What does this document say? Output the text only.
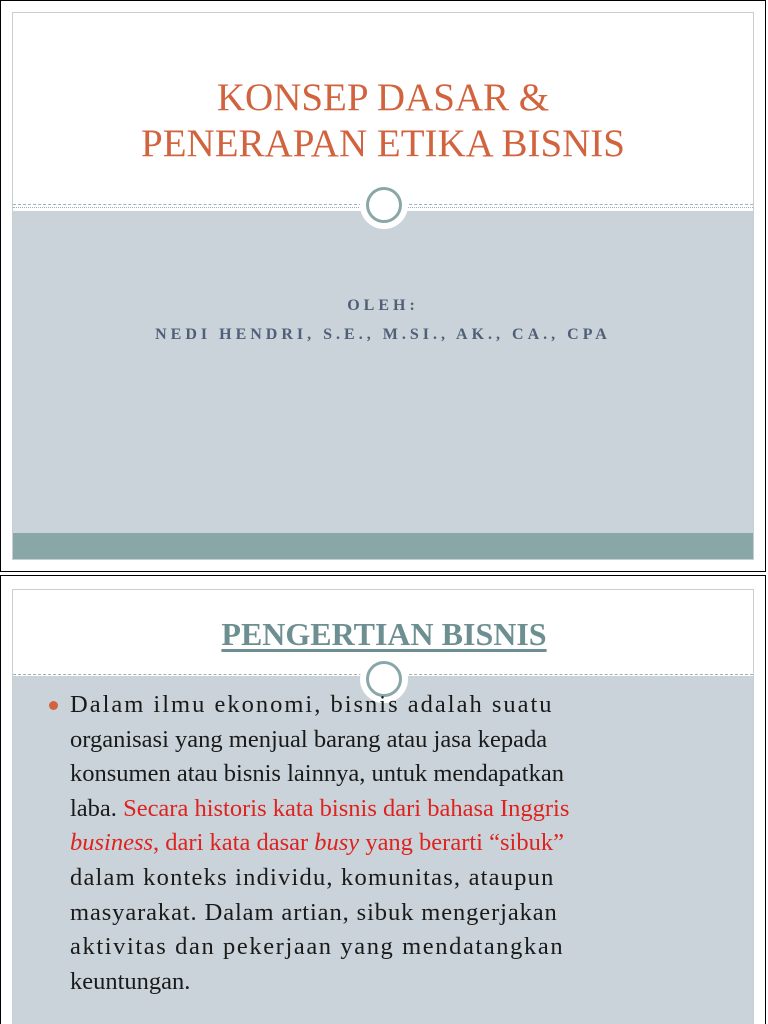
KONSEP DASAR &
PENERAPAN ETIKA BISNIS
OLEH:
NEDI HENDRI, S.E., M.SI., AK., CA., CPA
PENGERTIAN BISNIS
Dalam ilmu ekonomi, bisnis adalah suatu
organisasi yang menjual barang atau jasa kepada
konsumen atau bisnis lainnya, untuk mendapatkan
laba. Secara historis kata bisnis dari bahasa Inggris
business, dari kata dasar busy yang berarti “sibuk”
dalam konteks individu, komunitas, ataupun
masyarakat. Dalam artian, sibuk mengerjakan
aktivitas dan pekerjaan yang mendatangkan
keuntungan.
